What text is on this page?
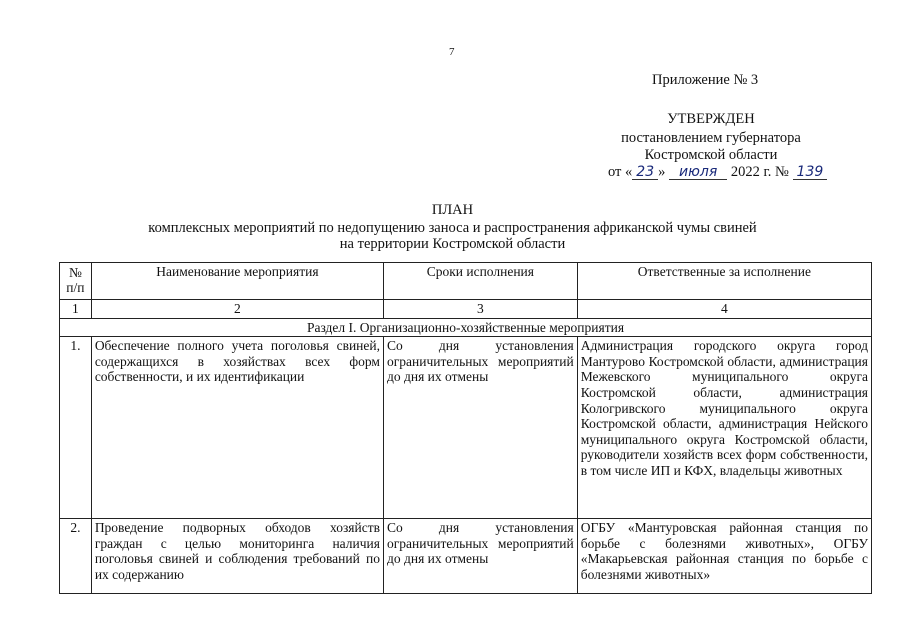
7
Приложение № 3
УТВЕРЖДЕН
постановлением губернатора
Костромской области
от « 23 » июля 2022 г. № 139
ПЛАН
комплексных мероприятий по недопущению заноса и распространения африканской чумы свиней
на территории Костромской области
№ п/п	Наименование мероприятия	Сроки исполнения	Ответственные за исполнение
1	2	3	4
Раздел I. Организационно-хозяйственные мероприятия			
1.	Обеспечение полного учета поголовья свиней, содержащихся в хозяйствах всех форм собственности, и их идентификации	Со дня установления ограничительных мероприятий до дня их отмены	Администрация городского округа город Мантурово Костромской области, администрация Межевского муниципального округа Костромской области, администрация Кологривского муниципального округа Костромской области, администрация Нейского муниципального округа Костромской области, руководители хозяйств всех форм собственности, в том числе ИП и КФХ, владельцы животных
2.	Проведение подворных обходов хозяйств граждан с целью мониторинга наличия поголовья свиней и соблюдения требований по их содержанию	Со дня установления ограничительных мероприятий до дня их отмены	ОГБУ «Мантуровская районная станция по борьбе с болезнями животных», ОГБУ «Макарьевская районная станция по борьбе с болезнями животных»
